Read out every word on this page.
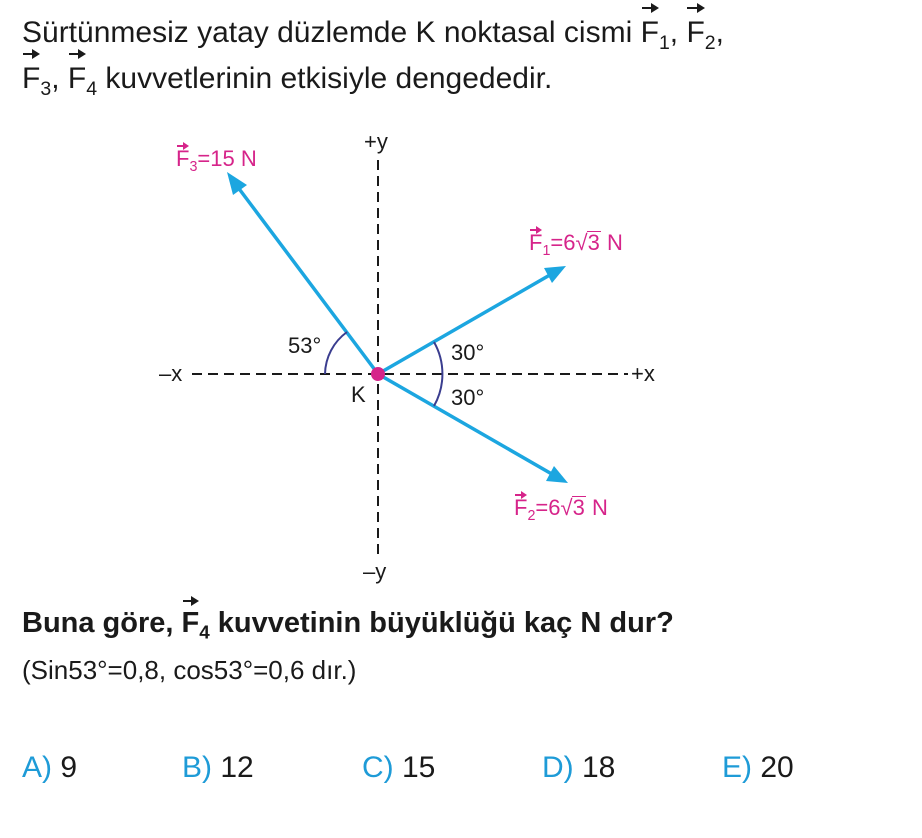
Sürtünmesiz yatay düzlemde K noktasal cismi $F_1$, $F_2$,
$F_3$, $F_4$ kuvvetlerinin etkisiyle dengededir.
+y
–y
+x
–x
K
53°	30°
30°
$F_3=15$ N
$F_1=6√3$ N
$F_2=6√3$ N
Buna göre, $F_4$ kuvvetinin büyüklüğü kaç N dur?
(Sin53°=0,8, cos53°=0,6 dır.)
A) 9	B) 12	C) 15	D) 18	E) 20
